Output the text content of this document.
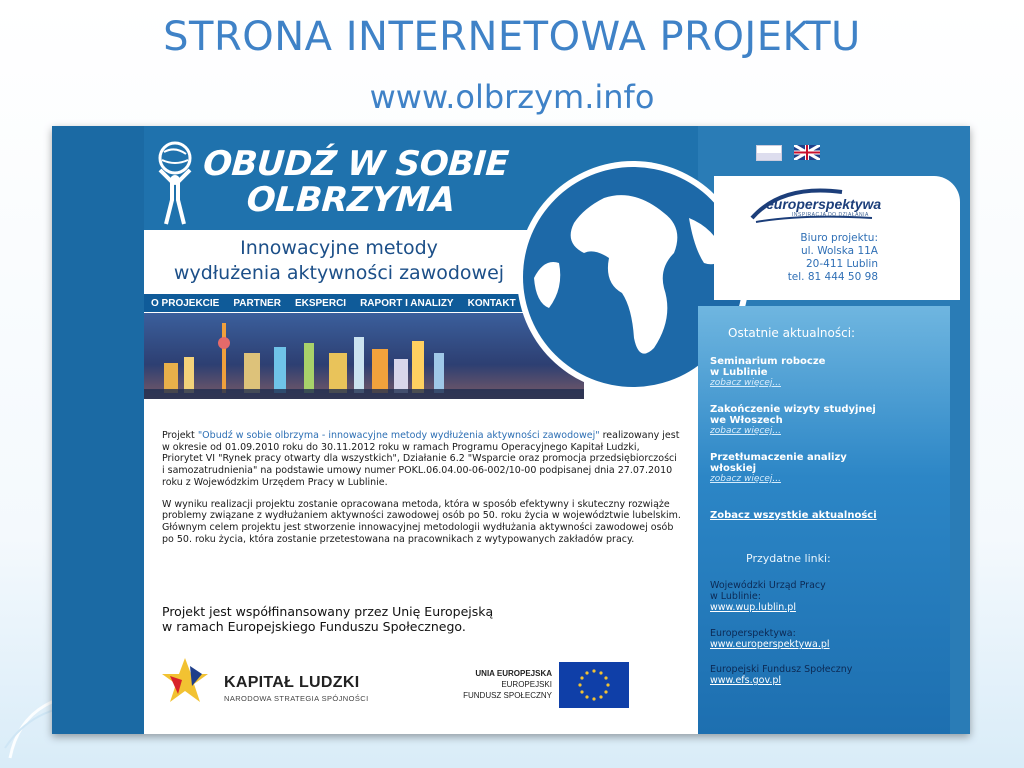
STRONA INTERNETOWA PROJEKTU
www.olbrzym.info
OBUDŹ W SOBIE
OLBRZYMA
Innowacyjne metody
wydłużenia aktywności zawodowej
O PROJEKCIE	PARTNER	EKSPERCI	RAPORT I ANALIZY	KONTAKT
europerspektywa
INSPIRACJA DO DZIAŁANIA
Biuro projektu:
ul. Wolska 11A
20-411 Lublin
tel. 81 444 50 98
Ostatnie aktualności:
Seminarium robocze
w Lublinie
zobacz więcej...
Zakończenie wizyty studyjnej
we Włoszech
zobacz więcej...
Przetłumaczenie analizy
włoskiej
zobacz więcej...
Zobacz wszystkie aktualności
Przydatne linki:
Wojewódzki Urząd Pracy
w Lublinie:
www.wup.lublin.pl
Europerspektywa:
www.europerspektywa.pl
Europejski Fundusz Społeczny
www.efs.gov.pl

Projekt "Obudź w sobie olbrzyma - innowacyjne metody wydłużenia aktywności zawodowej" realizowany jest w okresie od 01.09.2010 roku do 30.11.2012 roku w ramach Programu Operacyjnego Kapitał Ludzki, Priorytet VI "Rynek pracy otwarty dla wszystkich", Działanie 6.2 "Wsparcie oraz promocja przedsiębiorczości i samozatrudnienia" na podstawie umowy numer POKL.06.04.00-06-002/10-00 podpisanej dnia 27.07.2010 roku z Wojewódzkim Urzędem Pracy w Lublinie.

W wyniku realizacji projektu zostanie opracowana metoda, która w sposób efektywny i skuteczny rozwiąże problemy związane z wydłużaniem aktywności zawodowej osób po 50. roku życia w województwie lubelskim. Głównym celem projektu jest stworzenie innowacyjnej metodologii wydłużania aktywności zawodowej osób po 50. roku życia, która zostanie przetestowana na pracownikach z wytypowanych zakładów pracy.

Projekt jest współfinansowany przez Unię Europejską
w ramach Europejskiego Funduszu Społecznego.
KAPITAŁ LUDZKI
NARODOWA STRATEGIA SPÓJNOŚCI
UNIA EUROPEJSKA
EUROPEJSKI
FUNDUSZ SPOŁECZNY
